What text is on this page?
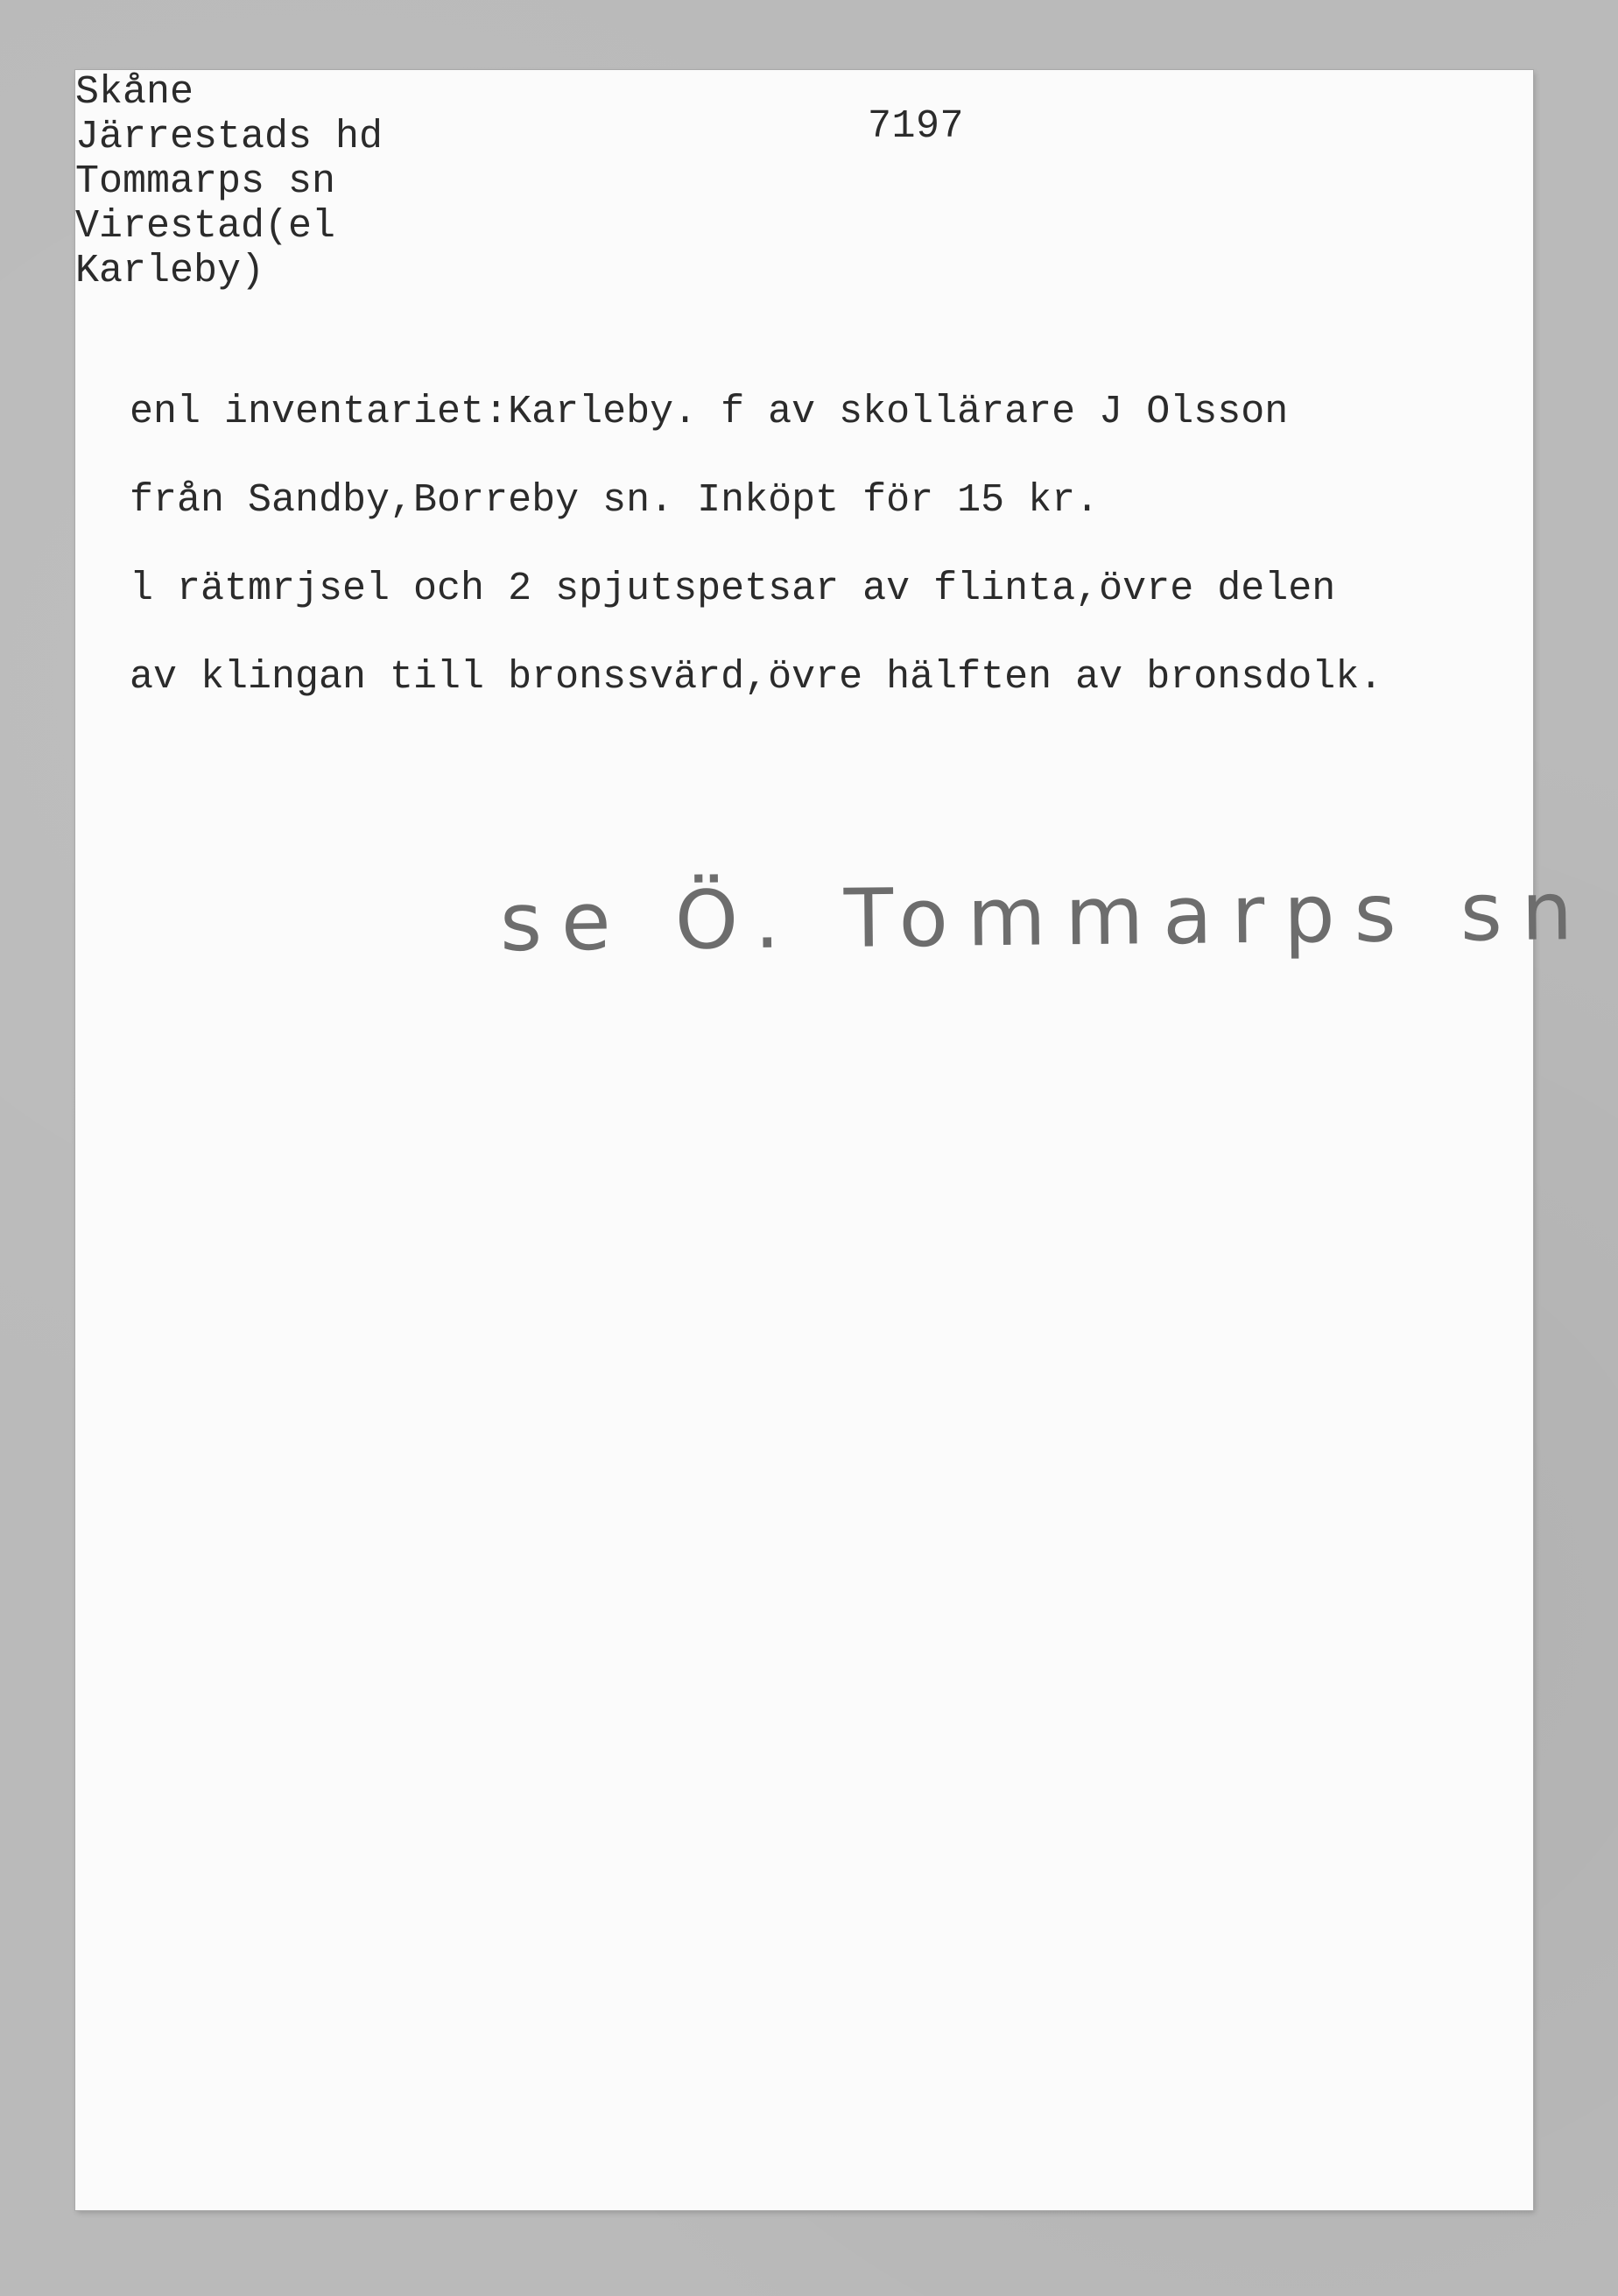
7197
Skåne
Järrestads hd
Tommarps sn
Virestad(el
Karleby)
enl inventariet:Karleby. f av skollärare J Olsson
från Sandby,Borreby sn. Inköpt för 15 kr.
l rätmrjsel och 2 spjutspetsar av flinta,övre delen
av klingan till bronssvärd,övre hälften av bronsdolk.
se Ö. Tommarps sn
